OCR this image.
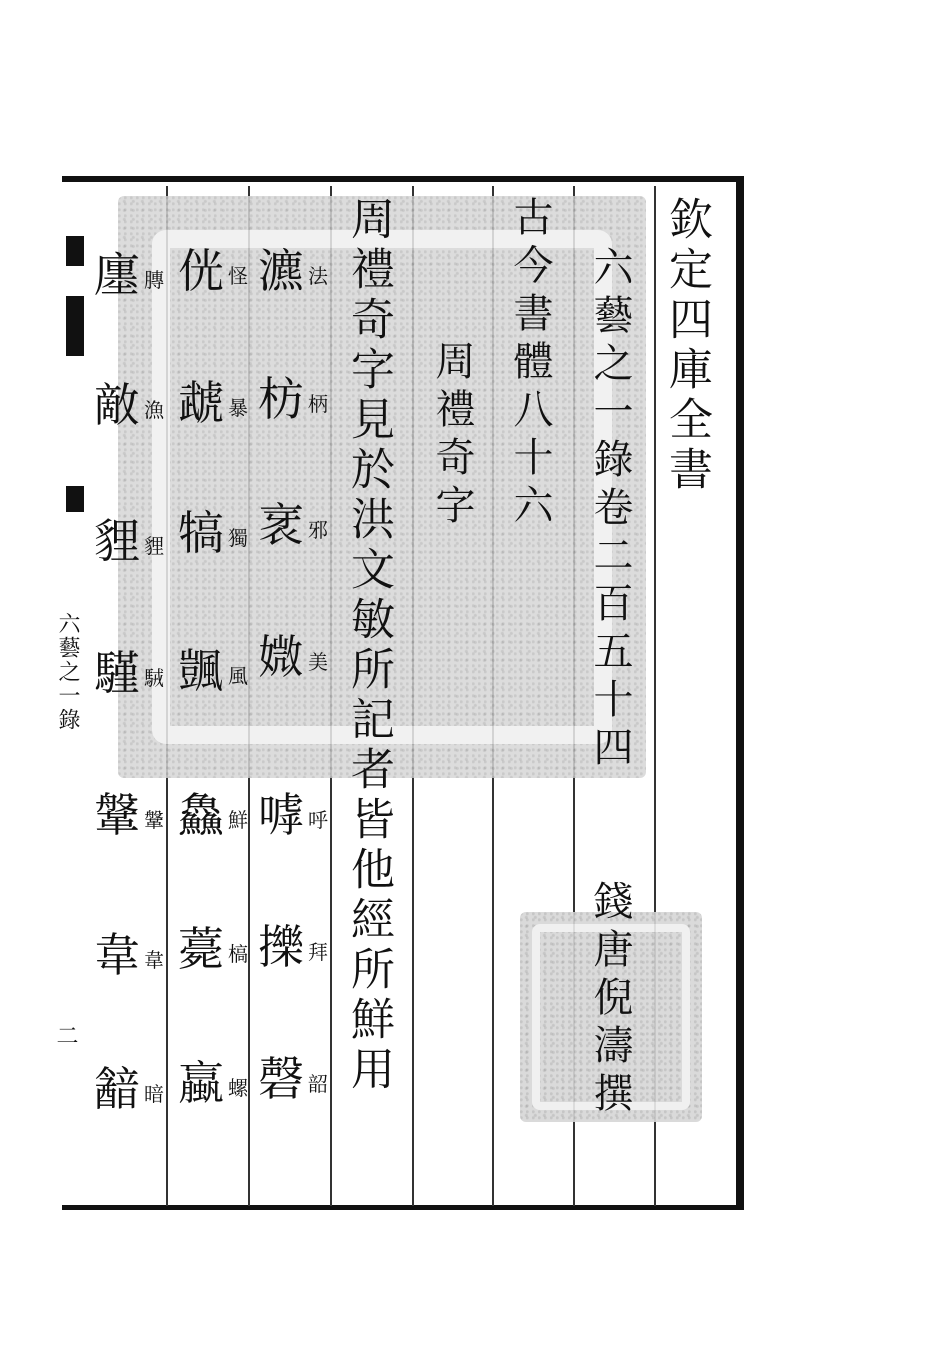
六藝之一錄
欽定四庫全書
六藝之一錄卷二百五十四
古今書體八十六
周禮奇字
錢唐倪濤撰
周禮奇字見於洪文敏所記者皆他經所鮮用
瀌 法
枋 柄
衺 邪
媺 美
嘑 呼
擽 拜
磬 韶
侊 怪
虣 暴
犒 獨
颽 風
鱻 鮮
薧 槁
蠃 螺
廛 膞
敵 漁
貍 貍
騹 駥
鞶 鞶
韋 韋
韽 暗
二
